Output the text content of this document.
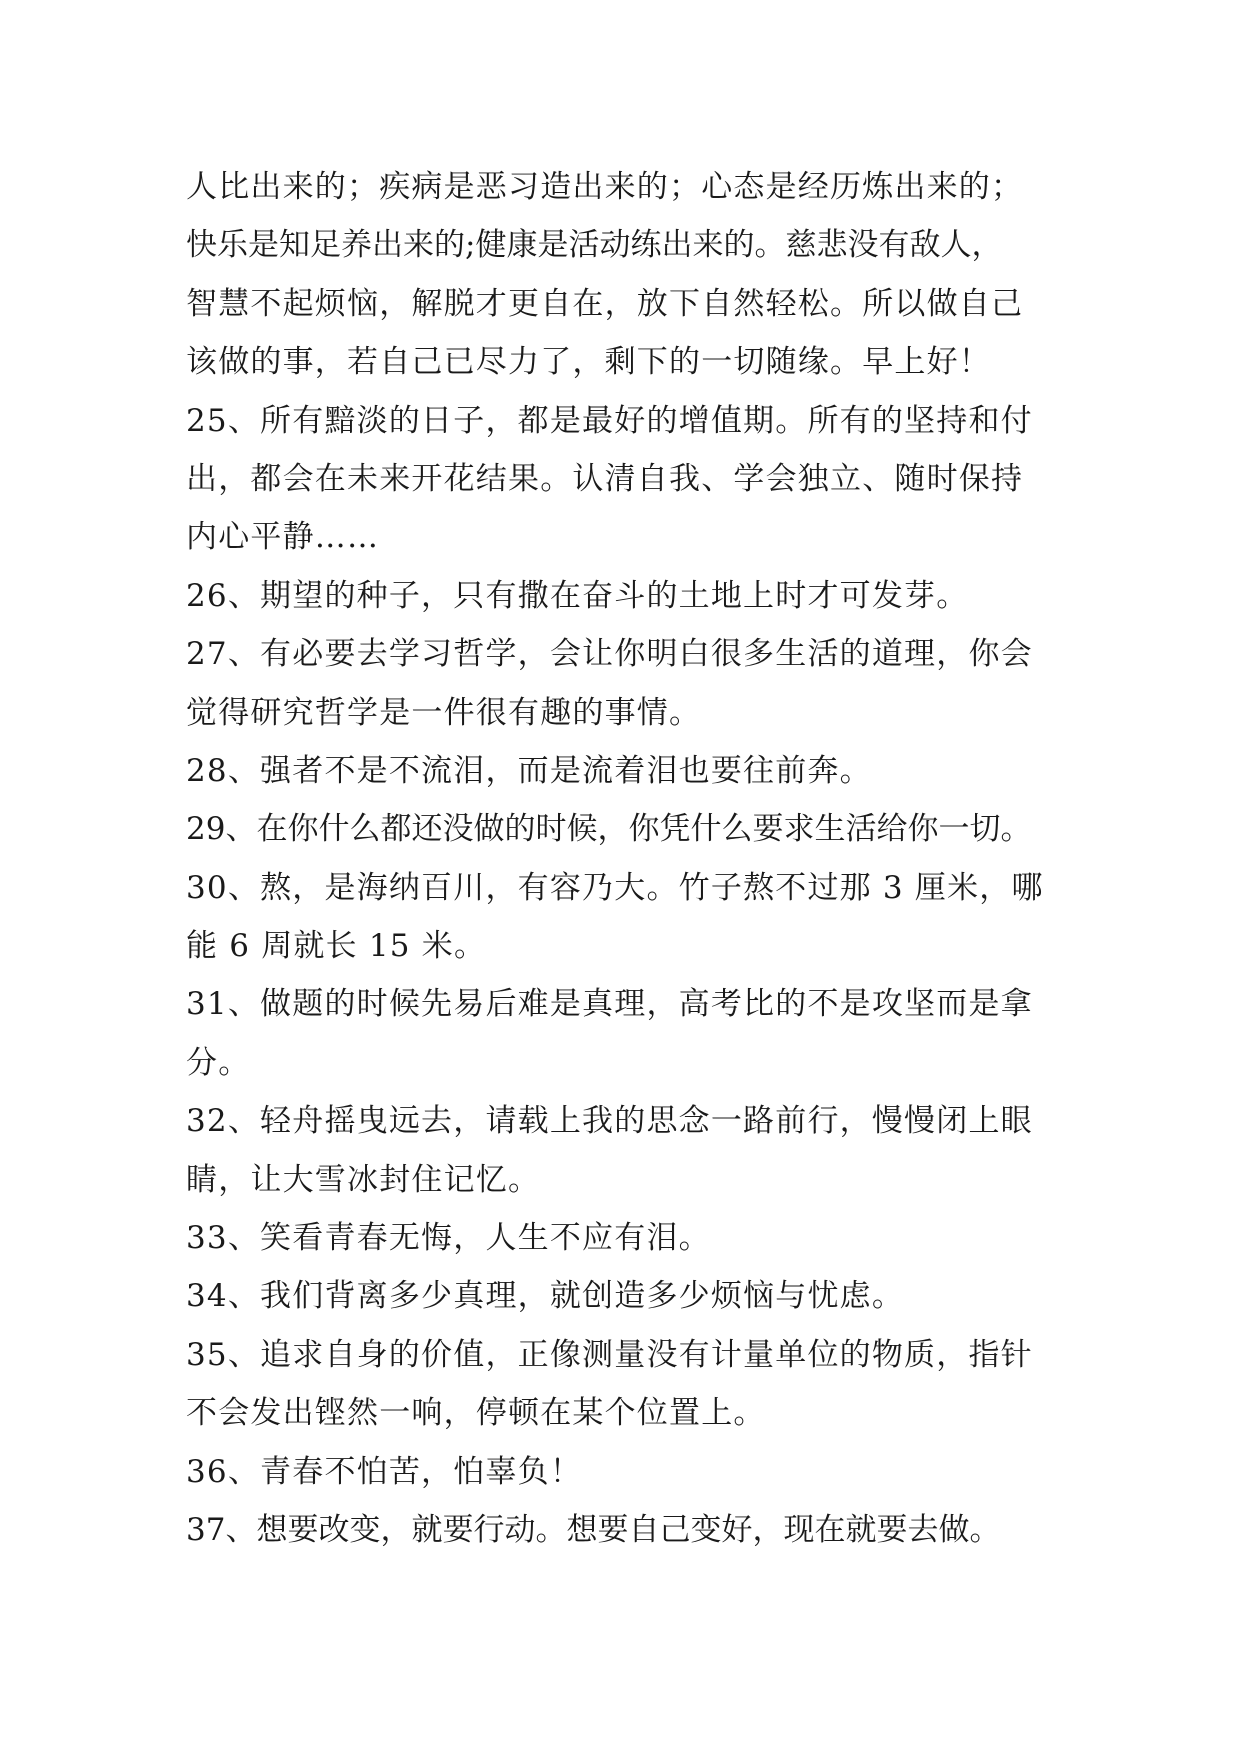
人比出来的；疾病是恶习造出来的；心态是经历炼出来的；
快乐是知足养出来的;健康是活动练出来的。慈悲没有敌人，
智慧不起烦恼，解脱才更自在，放下自然轻松。所以做自己
该做的事，若自己已尽力了，剩下的一切随缘。早上好！
25、所有黯淡的日子，都是最好的增值期。所有的坚持和付
出，都会在未来开花结果。认清自我、学会独立、随时保持
内心平静……
26、期望的种子，只有撒在奋斗的土地上时才可发芽。
27、有必要去学习哲学，会让你明白很多生活的道理，你会
觉得研究哲学是一件很有趣的事情。
28、强者不是不流泪，而是流着泪也要往前奔。
29、在你什么都还没做的时候，你凭什么要求生活给你一切。
30、熬，是海纳百川，有容乃大。竹子熬不过那 3 厘米，哪
能 6 周就长 15 米。
31、做题的时候先易后难是真理，高考比的不是攻坚而是拿
分。
32、轻舟摇曳远去，请载上我的思念一路前行，慢慢闭上眼
睛，让大雪冰封住记忆。
33、笑看青春无悔，人生不应有泪。
34、我们背离多少真理，就创造多少烦恼与忧虑。
35、追求自身的价值，正像测量没有计量单位的物质，指针
不会发出铿然一响，停顿在某个位置上。
36、青春不怕苦，怕辜负！
37、想要改变，就要行动。想要自己变好，现在就要去做。
